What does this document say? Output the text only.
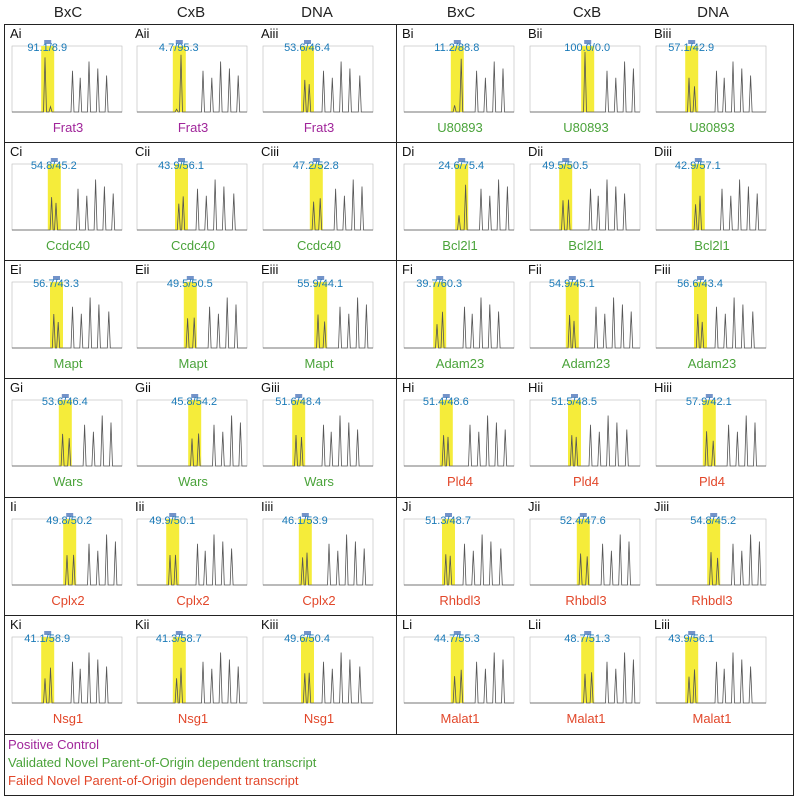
BxC	CxB	DNA	BxC	CxB	DNA
Ai
91.1/8.9
Frat3
Aii
4.7/95.3
Frat3
Aiii
53.6/46.4
Frat3
Bi
11.2/88.8
U80893
Bii
100.0/0.0
U80893
Biii
57.1/42.9
U80893
Ci
54.8/45.2
Ccdc40
Cii
43.9/56.1
Ccdc40
Ciii
47.2/52.8
Ccdc40
Di
24.6/75.4
Bcl2l1
Dii
49.5/50.5
Bcl2l1
Diii
42.9/57.1
Bcl2l1
Ei
56.7/43.3
Mapt
Eii
49.5/50.5
Mapt
Eiii
55.9/44.1
Mapt
Fi
39.7/60.3
Adam23
Fii
54.9/45.1
Adam23
Fiii
56.6/43.4
Adam23
Gi
53.6/46.4
Wars
Gii
45.8/54.2
Wars
Giii
51.6/48.4
Wars
Hi
51.4/48.6
Pld4
Hii
51.5/48.5
Pld4
Hiii
57.9/42.1
Pld4
Ii
49.8/50.2
Cplx2
Iii
49.9/50.1
Cplx2
Iiii
46.1/53.9
Cplx2
Ji
51.3/48.7
Rhbdl3
Jii
52.4/47.6
Rhbdl3
Jiii
54.8/45.2
Rhbdl3
Ki
41.1/58.9
Nsg1
Kii
41.3/58.7
Nsg1
Kiii
49.6/50.4
Nsg1
Li
44.7/55.3
Malat1
Lii
48.7/51.3
Malat1
Liii
43.9/56.1
Malat1
Positive Control
Validated Novel Parent-of-Origin dependent transcript
Failed Novel Parent-of-Origin dependent transcript
